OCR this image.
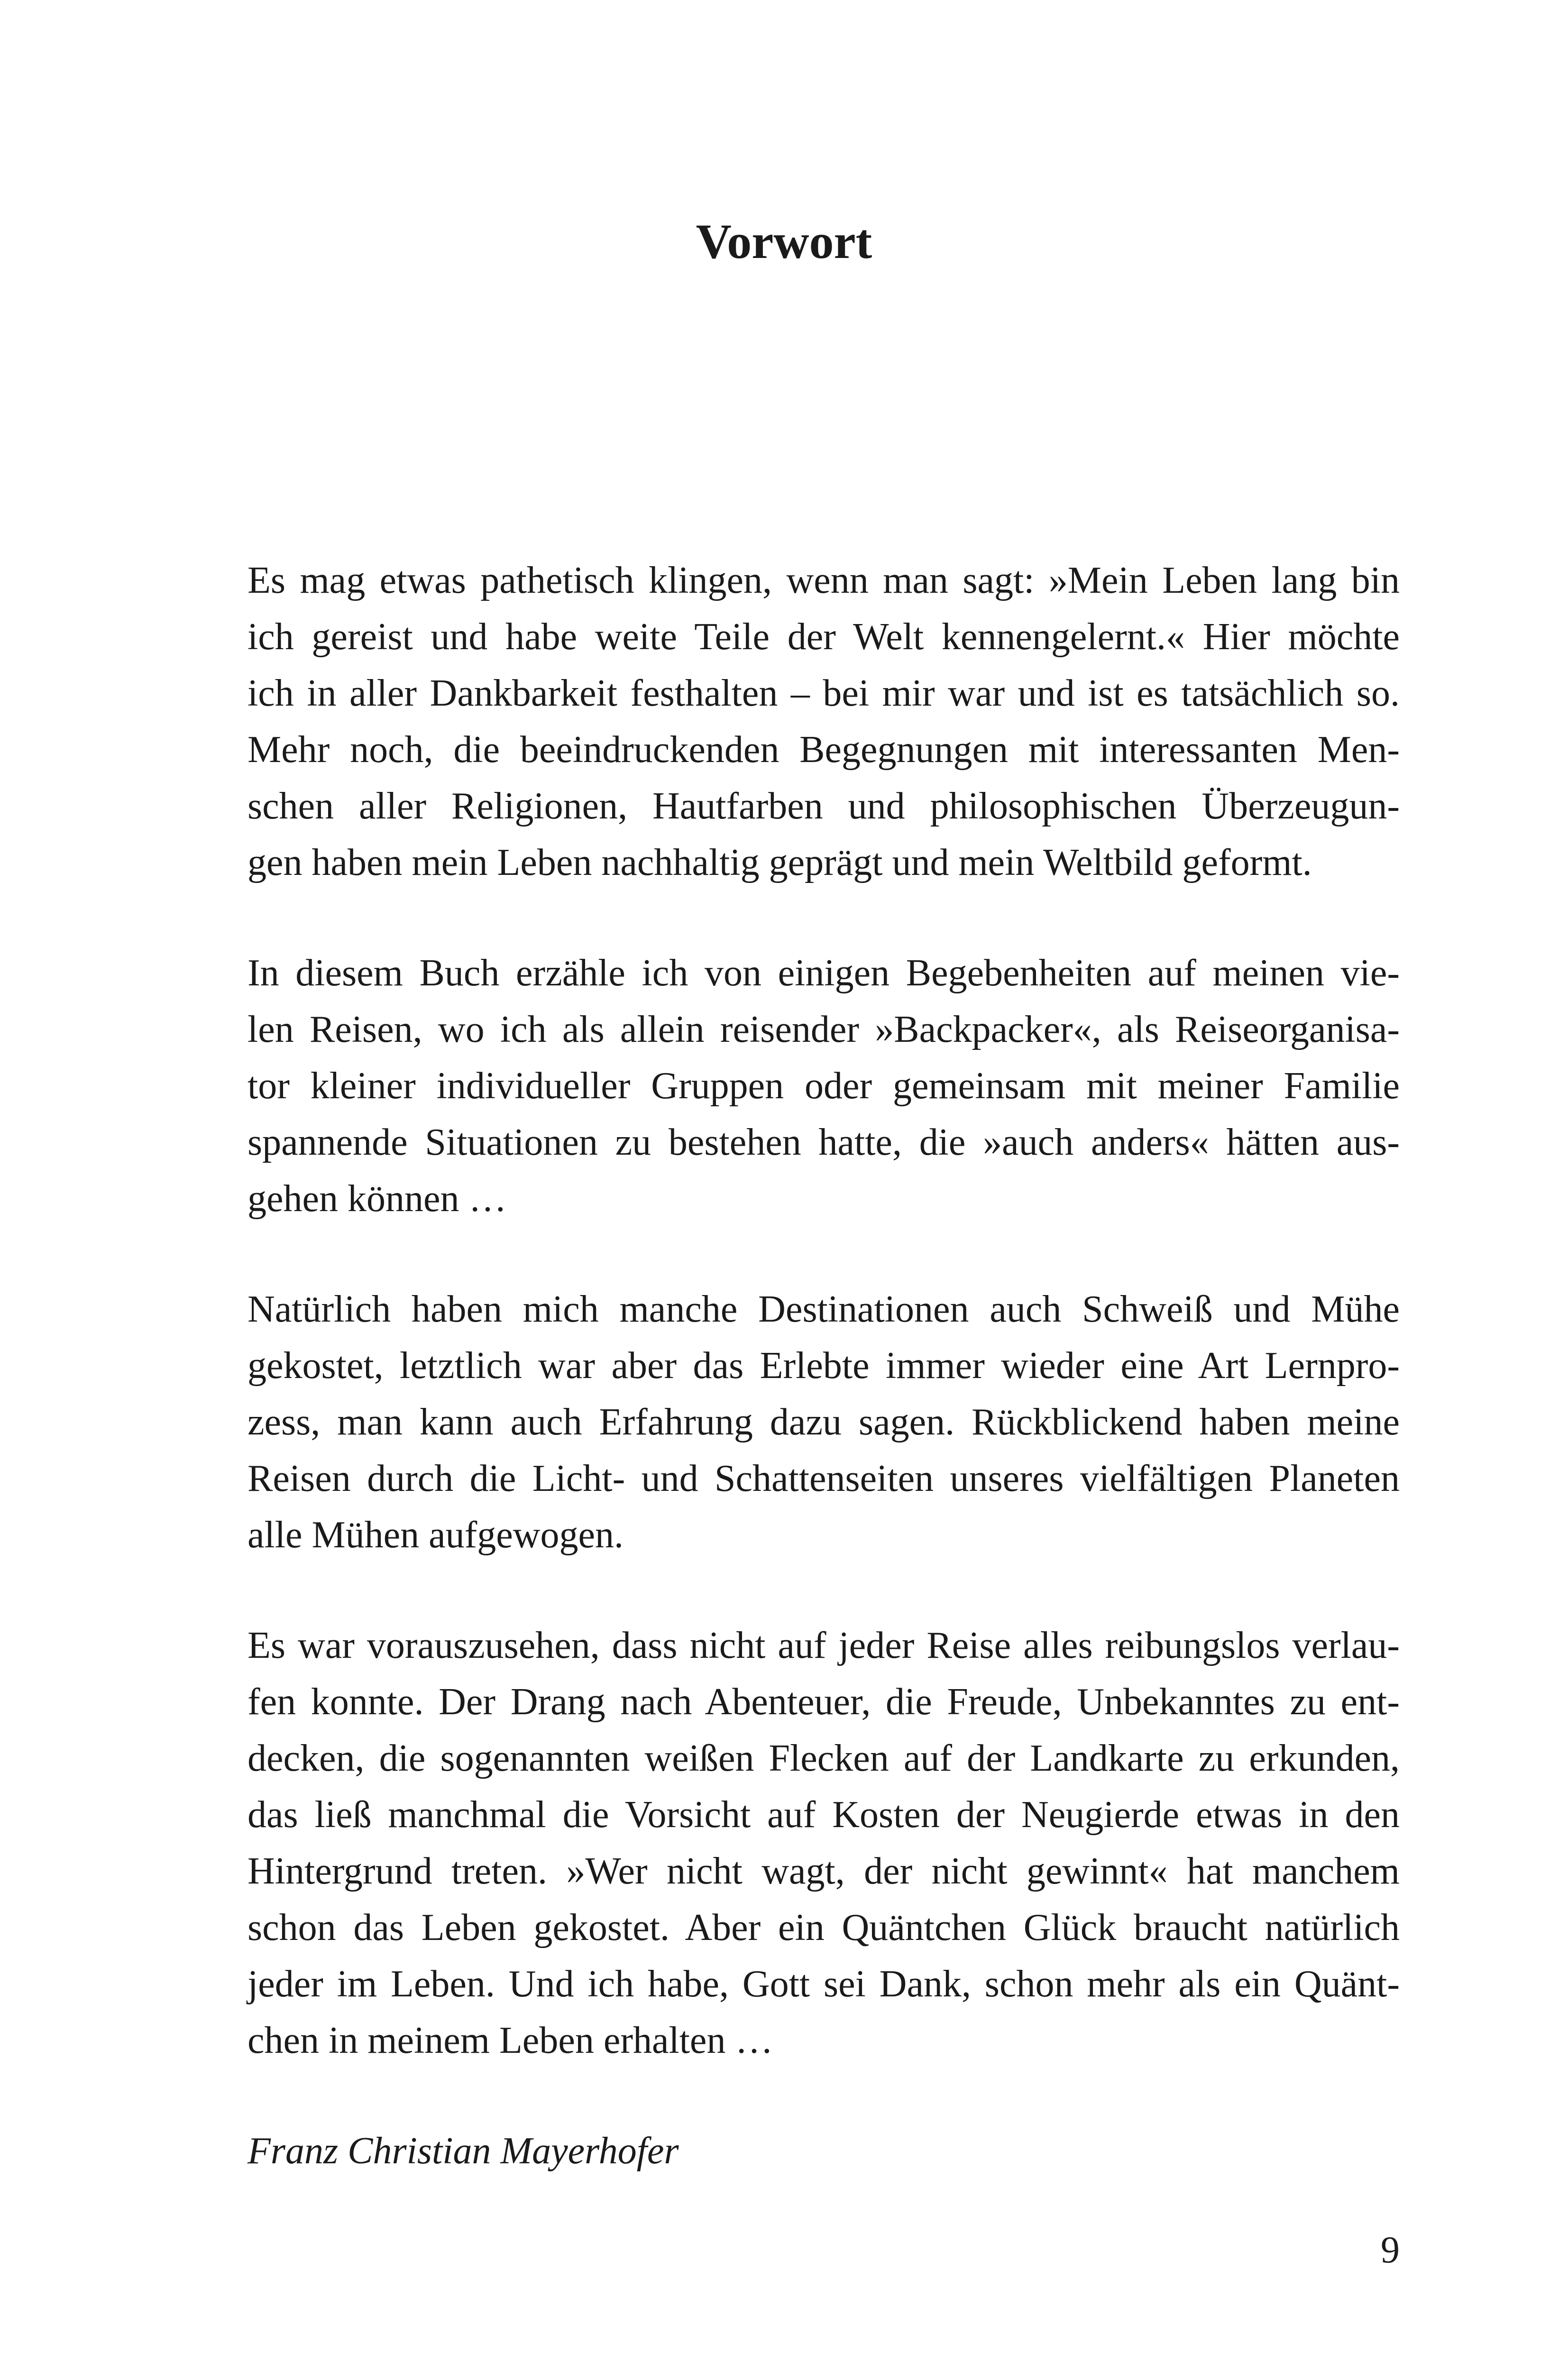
Vorwort

Es mag etwas pathetisch klingen, wenn man sagt: »Mein Leben lang bin
ich gereist und habe weite Teile der Welt kennengelernt.« Hier möchte
ich in aller Dankbarkeit festhalten – bei mir war und ist es tatsächlich so.
Mehr noch, die beeindruckenden Begegnungen mit interessanten Men-
schen aller Religionen, Hautfarben und philosophischen Überzeugun-
gen haben mein Leben nachhaltig geprägt und mein Weltbild geformt.

In diesem Buch erzähle ich von einigen Begebenheiten auf meinen vie-
len Reisen, wo ich als allein reisender »Backpacker«, als Reiseorganisa-
tor kleiner individueller Gruppen oder gemeinsam mit meiner Familie
spannende Situationen zu bestehen hatte, die »auch anders« hätten aus-
gehen können …

Natürlich haben mich manche Destinationen auch Schweiß und Mühe
gekostet, letztlich war aber das Erlebte immer wieder eine Art Lernpro-
zess, man kann auch Erfahrung dazu sagen. Rückblickend haben meine
Reisen durch die Licht- und Schattenseiten unseres vielfältigen Planeten
alle Mühen aufgewogen.

Es war vorauszusehen, dass nicht auf jeder Reise alles reibungslos verlau-
fen konnte. Der Drang nach Abenteuer, die Freude, Unbekanntes zu ent-
decken, die sogenannten weißen Flecken auf der Landkarte zu erkunden,
das ließ manchmal die Vorsicht auf Kosten der Neugierde etwas in den
Hintergrund treten. »Wer nicht wagt, der nicht gewinnt« hat manchem
schon das Leben gekostet. Aber ein Quäntchen Glück braucht natürlich
jeder im Leben. Und ich habe, Gott sei Dank, schon mehr als ein Quänt-
chen in meinem Leben erhalten …

Franz Christian Mayerhofer

9
